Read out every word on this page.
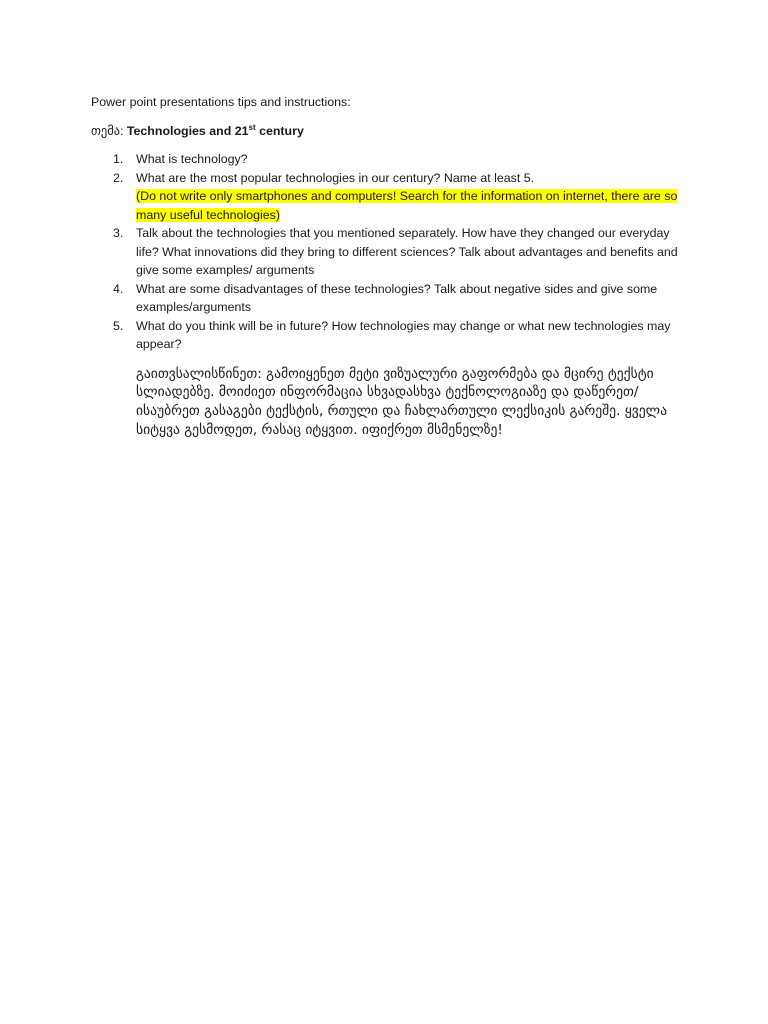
Power point presentations tips and instructions:

თემა: Technologies and 21st century

1. What is technology?
2. What are the most popular technologies in our century? Name at least 5.
(Do not write only smartphones and computers! Search for the information on internet, there are so many useful technologies)
3. Talk about the technologies that you mentioned separately. How have they changed our everyday life? What innovations did they bring to different sciences? Talk about advantages and benefits and give some examples/ arguments
4. What are some disadvantages of these technologies? Talk about negative sides and give some examples/arguments
5. What do you think will be in future? How technologies may change or what new technologies may appear?

გაითვსალისწინეთ: გამოიყენეთ მეტი ვიზუალური გაფორმება და მცირე ტექსტი სლიადებზე. მოიძიეთ ინფორმაცია სხვადასხვა ტექნოლოგიაზე და დაწერეთ/ ისაუბრეთ გასაგები ტექსტის, რთული და ჩახლართული ლექსიკის გარეშე. ყველა სიტყვა გესმოდეთ, რასაც იტყვით. იფიქრეთ მსმენელზე!
